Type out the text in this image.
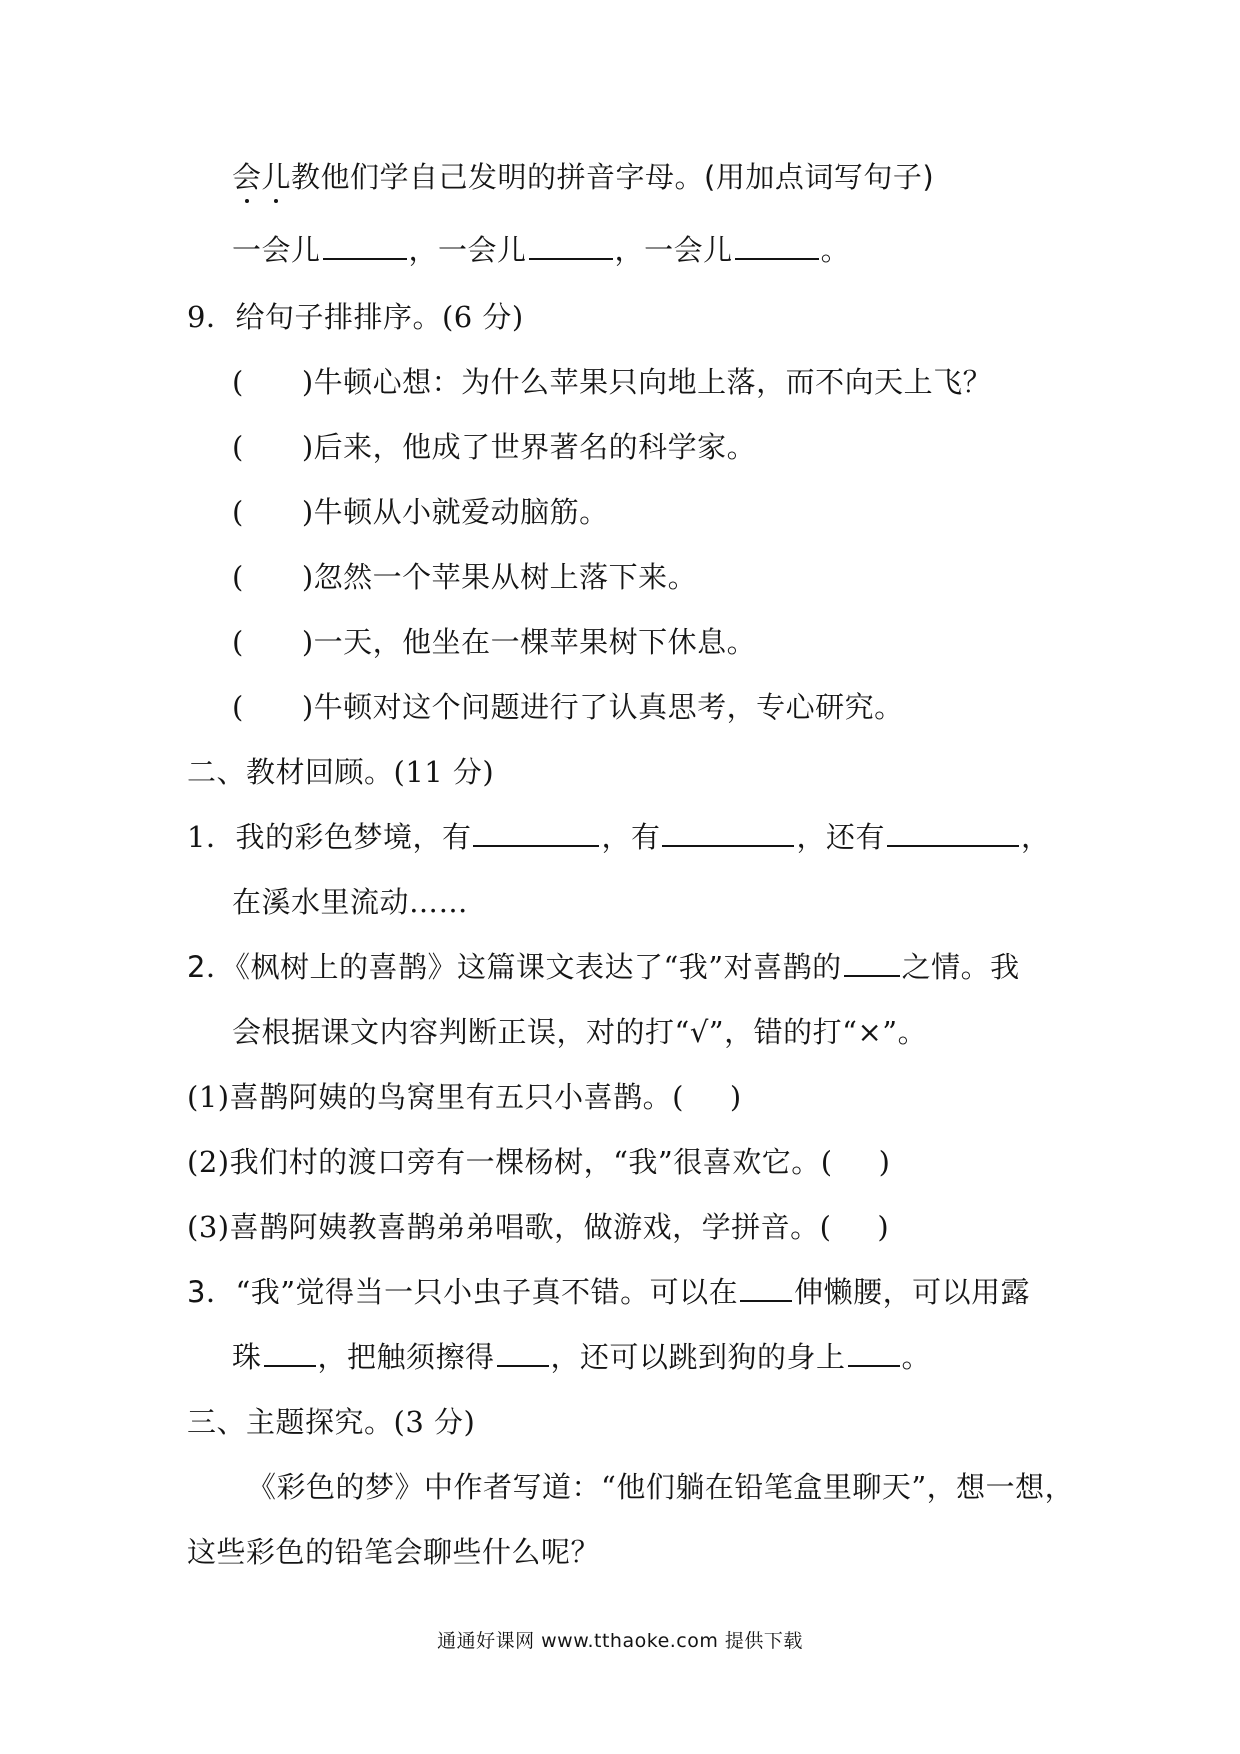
会儿教他们学自己发明的拼音字母。(用加点词写句子)
一会儿	，一会儿	，一会儿	。
9．给句子排排序。(6 分)
( )牛顿心想：为什么苹果只向地上落，而不向天上飞？
( )后来，他成了世界著名的科学家。
( )牛顿从小就爱动脑筋。
( )忽然一个苹果从树上落下来。
( )一天，他坐在一棵苹果树下休息。
( )牛顿对这个问题进行了认真思考，专心研究。
二、教材回顾。(11 分)
1．我的彩色梦境，有	，有	，还有	，
在溪水里流动……
2．《枫树上的喜鹊》这篇课文表达了“我”对喜鹊的 之情。我
会根据课文内容判断正误，对的打“√”，错的打“×”。
(1)喜鹊阿姨的鸟窝里有五只小喜鹊。( )
(2)我们村的渡口旁有一棵杨树，“我”很喜欢它。( )
(3)喜鹊阿姨教喜鹊弟弟唱歌，做游戏，学拼音。( )
3．“我”觉得当一只小虫子真不错。可以在 伸懒腰，可以用露
珠 ，把触须擦得 ，还可以跳到狗的身上 。
三、主题探究。(3 分)
《彩色的梦》中作者写道：“他们躺在铅笔盒里聊天”，想一想，
这些彩色的铅笔会聊些什么呢？
通通好课网 www.tthaoke.com 提供下载
